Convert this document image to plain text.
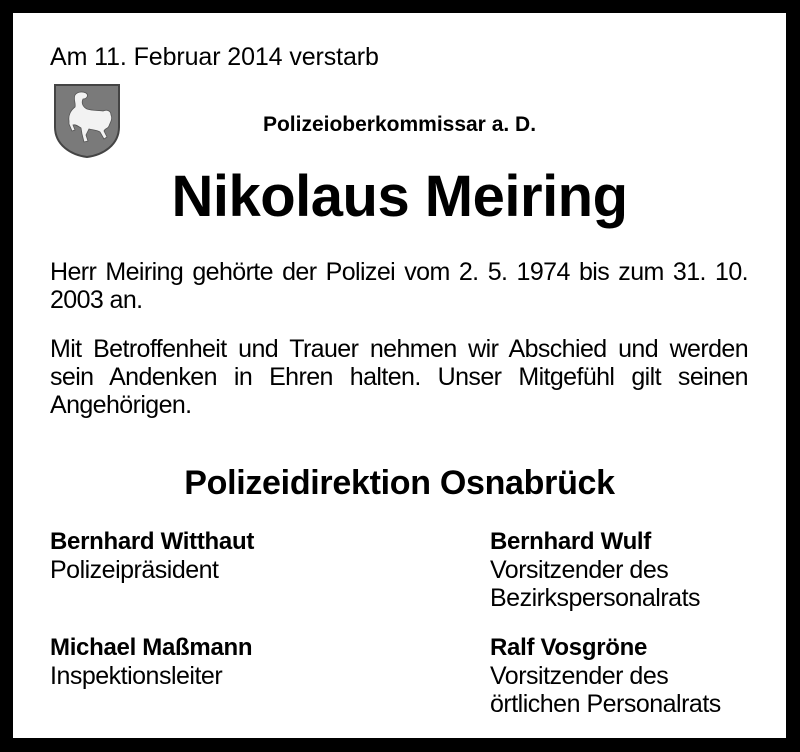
Am 11. Februar 2014 verstarb
Polizeioberkommissar a. D.
Nikolaus Meiring
Herr Meiring gehörte der Polizei vom 2. 5. 1974 bis zum 31. 10. 2003 an.
Mit Betroffenheit und Trauer nehmen wir Abschied und werden sein Andenken in Ehren halten. Unser Mitgefühl gilt seinen Angehörigen.
Polizeidirektion Osnabrück
Bernhard Witthaut
Polizeipräsident
Bernhard Wulf
Vorsitzender des
Bezirkspersonalrats
Michael Maßmann
Inspektionsleiter
Ralf Vosgröne
Vorsitzender des
örtlichen Personalrats
